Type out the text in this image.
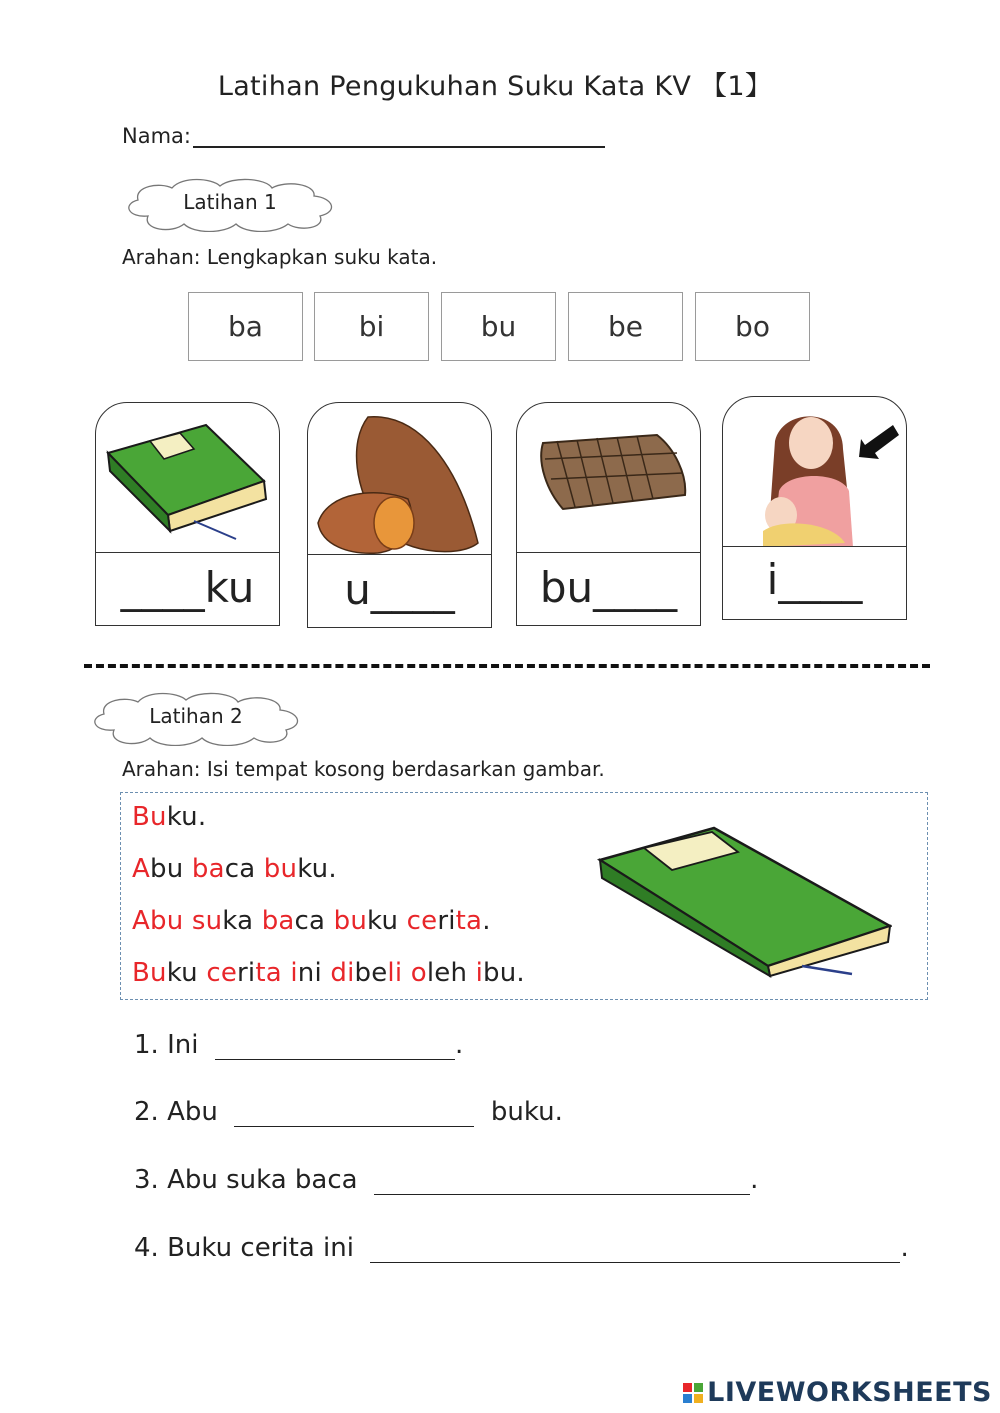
Latihan Pengukuhan Suku Kata KV 【1】
Nama:
Latihan 1
Arahan: Lengkapkan suku kata.
ba	bi	bu	be	bo
____ku	u____	bu____	i____
Latihan 2
Arahan: Isi tempat kosong berdasarkan gambar.
Buku.
Abu baca buku.
Abu suka baca buku cerita.
Buku cerita ini dibeli oleh ibu.
1.
Ini
	.
2.
Abu

	buku.
3.
Abu suka baca
	.
4.
Buku cerita ini
	.
LIVEWORKSHEETS
